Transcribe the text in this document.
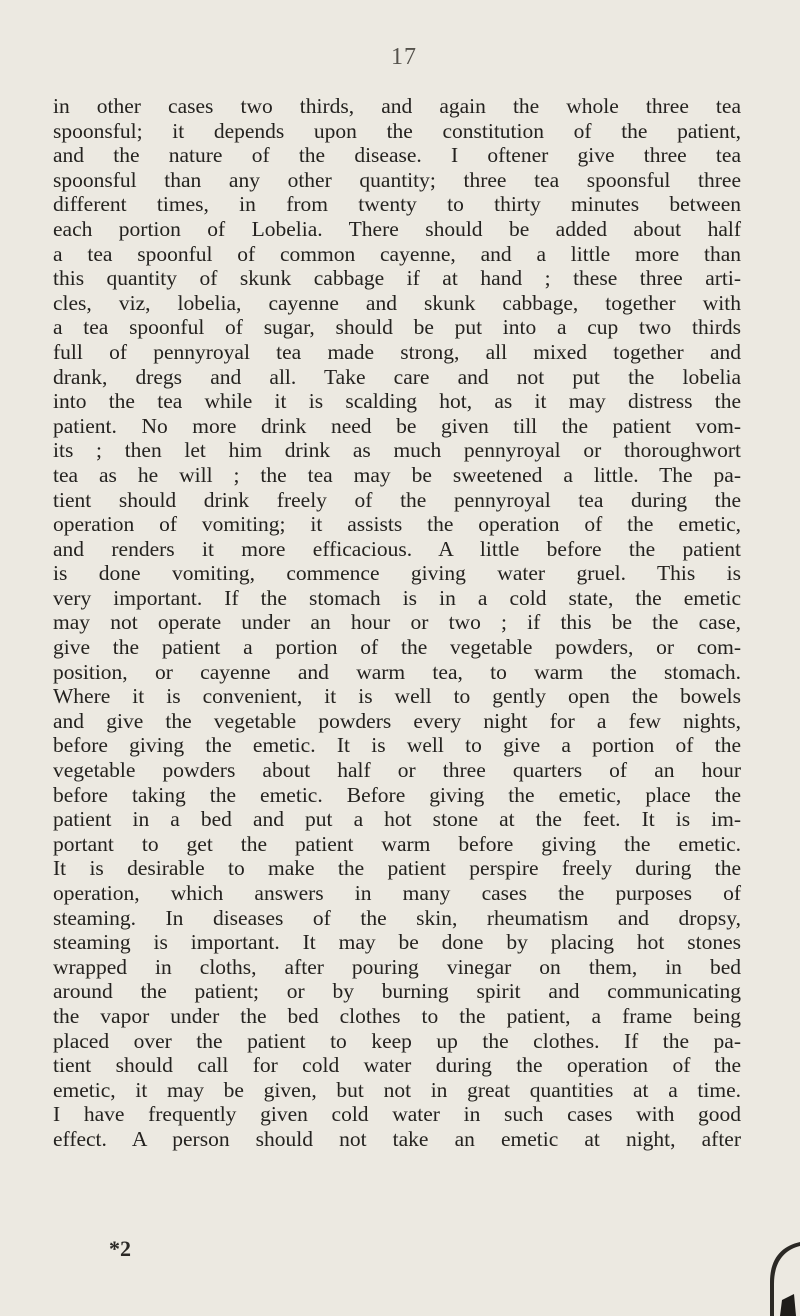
17
in other cases two thirds, and again the whole three tea
spoonsful; it depends upon the constitution of the patient,
and the nature of the disease. I oftener give three tea
spoonsful than any other quantity; three tea spoonsful three
different times, in from twenty to thirty minutes between
each portion of Lobelia. There should be added about half
a tea spoonful of common cayenne, and a little more than
this quantity of skunk cabbage if at hand ; these three arti-
cles, viz, lobelia, cayenne and skunk cabbage, together with
a tea spoonful of sugar, should be put into a cup two thirds
full of pennyroyal tea made strong, all mixed together and
drank, dregs and all. Take care and not put the lobelia
into the tea while it is scalding hot, as it may distress the
patient. No more drink need be given till the patient vom-
its ; then let him drink as much pennyroyal or thoroughwort
tea as he will ; the tea may be sweetened a little. The pa-
tient should drink freely of the pennyroyal tea during the
operation of vomiting; it assists the operation of the emetic,
and renders it more efficacious. A little before the patient
is done vomiting, commence giving water gruel. This is
very important. If the stomach is in a cold state, the emetic
may not operate under an hour or two ; if this be the case,
give the patient a portion of the vegetable powders, or com-
position, or cayenne and warm tea, to warm the stomach.
Where it is convenient, it is well to gently open the bowels
and give the vegetable powders every night for a few nights,
before giving the emetic. It is well to give a portion of the
vegetable powders about half or three quarters of an hour
before taking the emetic. Before giving the emetic, place the
patient in a bed and put a hot stone at the feet. It is im-
portant to get the patient warm before giving the emetic.
It is desirable to make the patient perspire freely during the
operation, which answers in many cases the purposes of
steaming. In diseases of the skin, rheumatism and dropsy,
steaming is important. It may be done by placing hot stones
wrapped in cloths, after pouring vinegar on them, in bed
around the patient; or by burning spirit and communicating
the vapor under the bed clothes to the patient, a frame being
placed over the patient to keep up the clothes. If the pa-
tient should call for cold water during the operation of the
emetic, it may be given, but not in great quantities at a time.
I have frequently given cold water in such cases with good
effect. A person should not take an emetic at night, after
*2
